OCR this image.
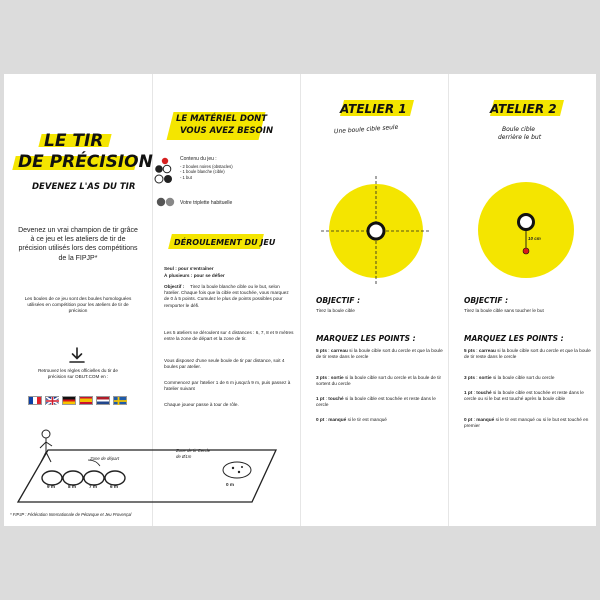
LE TIR
DE PRÉCISION
DEVENEZ L'AS DU TIR
Devenez un vrai champion de tir grâce à ce jeu et les ateliers de tir de précision utilisés lors des compétitions de la FIPJP*
Les boules de ce jeu sont des boules homologuées utilisées en compétition pour les ateliers de tir de précision
Retrouvez les règles officielles du tir de précision sur OBUT.COM en :
Zone de départ
Zone de tir Cercle de Ø1m
9 m	8 m	7 m	6 m	0 m
* FIPJP : Fédération Internationale de Pétanque et Jeu Provençal
LE MATÉRIEL DONT
VOUS AVEZ BESOIN
Contenu du jeu :
- 2 boules noires (obstacles)
- 1 boule blanche (cible)
- 1 but
Votre triplette habituelle
DÉROULEMENT DU JEU
Seul : pour s'entraîner
À plusieurs : pour se défier
Objectif :	Tirez la boule blanche cible ou le but, selon l'atelier. Chaque fois que la cible est touchée, vous marquez de 0 à 5 points. Cumulez le plus de points possibles pour remporter le défi.
Les 5 ateliers se déroulent sur 4 distances : 6, 7, 8 et 9 mètres entre la zone de départ et la zone de tir.
Vous disposez d'une seule boule de tir par distance, soit 4 boules par atelier.
Commencez par l'atelier 1 de 6 m jusqu'à 9 m, puis passez à l'atelier suivant
Chaque joueur passe à tour de rôle.
ATELIER 1
Une boule cible seule
OBJECTIF :
Tirez la boule cible
MARQUEZ LES POINTS :
5 pts : carreau si la boule cible sort du cercle et que la boule de tir reste dans le cercle
3 pts : sortie si la boule cible sort du cercle et la boule de tir sortent du cercle
1 pt : touché si la boule cible est touchée et reste dans le cercle
0 pt : manqué si le tir est manqué
ATELIER 2
Boule cible
derrière le but
10 cm
OBJECTIF :
Tirez la boule cible sans toucher le but
MARQUEZ LES POINTS :
5 pts : carreau si la boule cible sort du cercle et que la boule de tir reste dans le cercle
3 pts : sortie si la boule cible sort du cercle
1 pt : touché si la boule cible est touchée et reste dans le cercle ou si le but est touché après la boule cible
0 pt : manqué si le tir est manqué ou si le but est touché en premier
